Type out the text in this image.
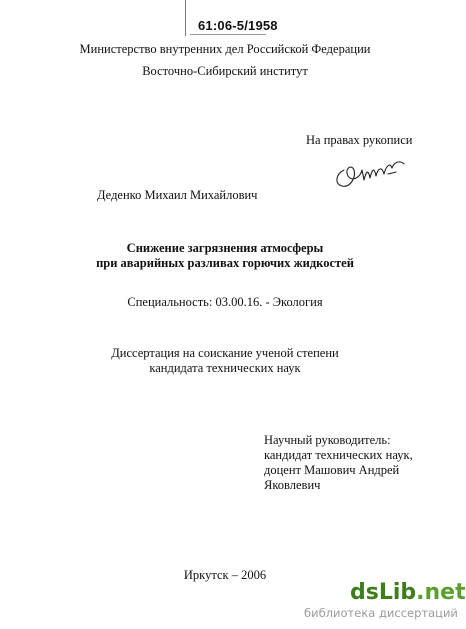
61:06-5/1958
Министерство внутренних дел Российской Федерации
Восточно-Сибирский институт
На правах рукописи
Деденко Михаил Михайлович
Снижение загрязнения атмосферы
при аварийных разливах горючих жидкостей
Специальность: 03.00.16. - Экология
Диссертация на соискание ученой степени
кандидата технических наук
Научный руководитель:
кандидат технических наук,
доцент Машович Андрей
Яковлевич
Иркутск – 2006
dsLib.net
библиотека диссертаций
